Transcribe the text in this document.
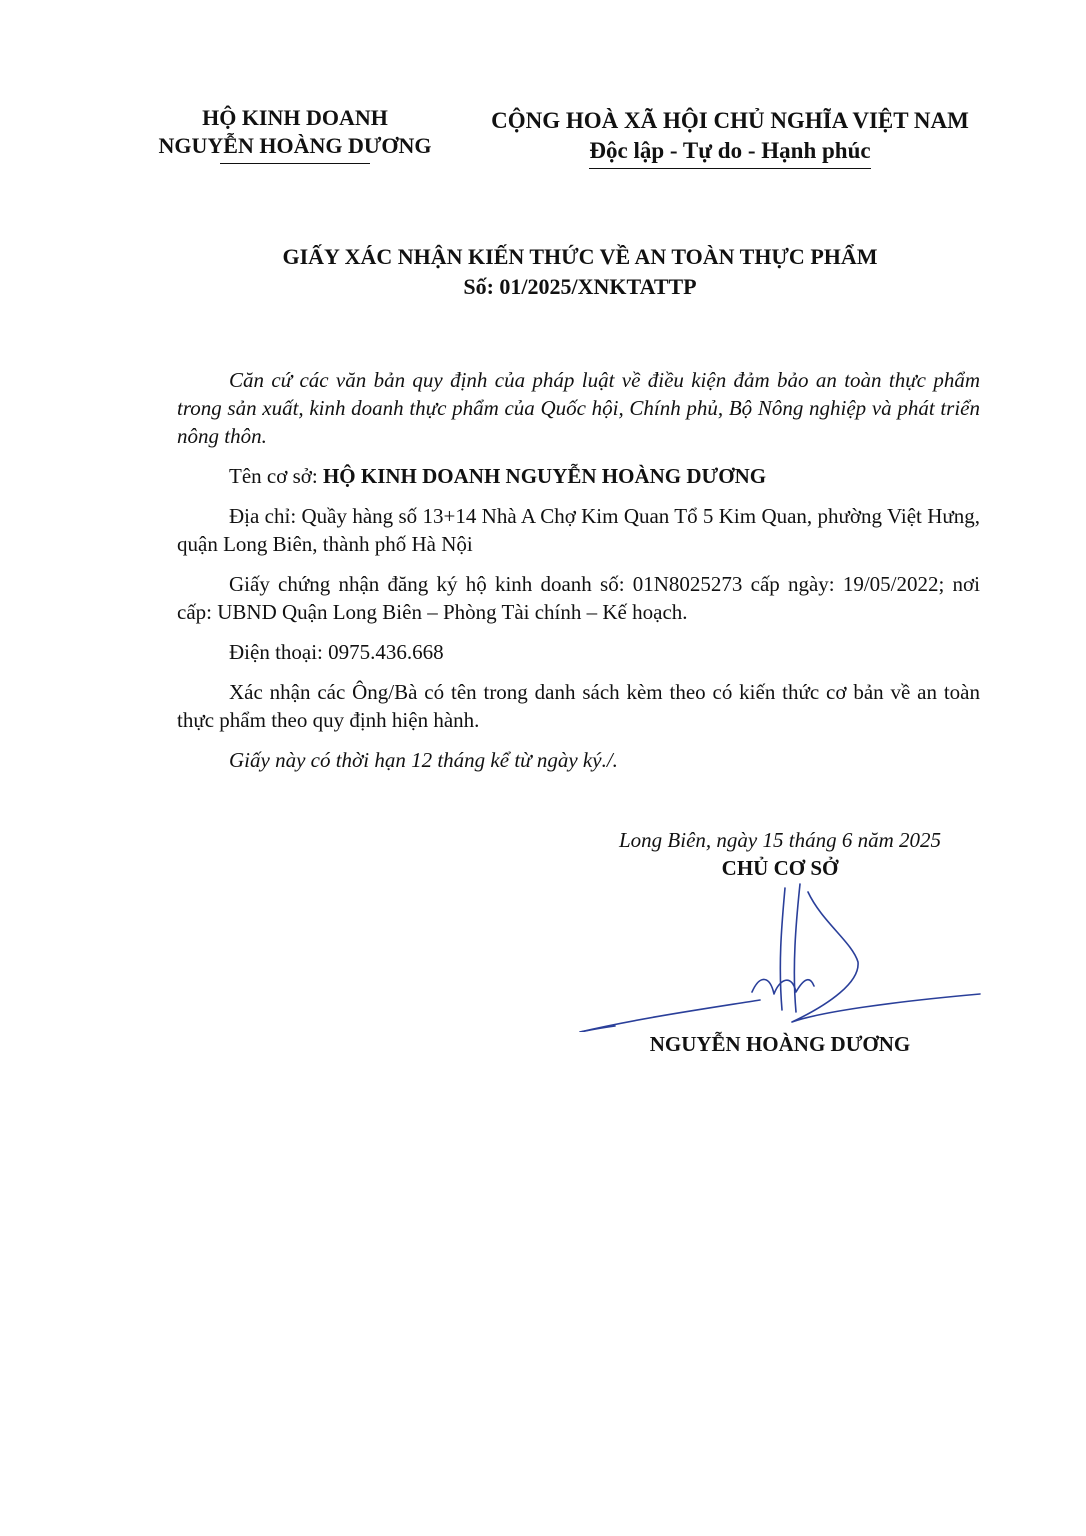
HỘ KINH DOANH
NGUYỄN HOÀNG DƯƠNG
CỘNG HOÀ XÃ HỘI CHỦ NGHĨA VIỆT NAM
Độc lập - Tự do - Hạnh phúc
GIẤY XÁC NHẬN KIẾN THỨC VỀ AN TOÀN THỰC PHẨM
Số: 01/2025/XNKTATTP

Căn cứ các văn bản quy định của pháp luật về điều kiện đảm bảo an toàn thực phẩm trong sản xuất, kinh doanh thực phẩm của Quốc hội, Chính phủ, Bộ Nông nghiệp và phát triển nông thôn.

Tên cơ sở: HỘ KINH DOANH NGUYỄN HOÀNG DƯƠNG

Địa chỉ: Quầy hàng số 13+14 Nhà A Chợ Kim Quan Tổ 5 Kim Quan, phường Việt Hưng, quận Long Biên, thành phố Hà Nội

Giấy chứng nhận đăng ký hộ kinh doanh số: 01N8025273 cấp ngày: 19/05/2022; nơi cấp: UBND Quận Long Biên – Phòng Tài chính – Kế hoạch.

Điện thoại: 0975.436.668

Xác nhận các Ông/Bà có tên trong danh sách kèm theo có kiến thức cơ bản về an toàn thực phẩm theo quy định hiện hành.

Giấy này có thời hạn 12 tháng kể từ ngày ký./.

Long Biên, ngày 15 tháng 6 năm 2025
CHỦ CƠ SỞ
NGUYỄN HOÀNG DƯƠNG
